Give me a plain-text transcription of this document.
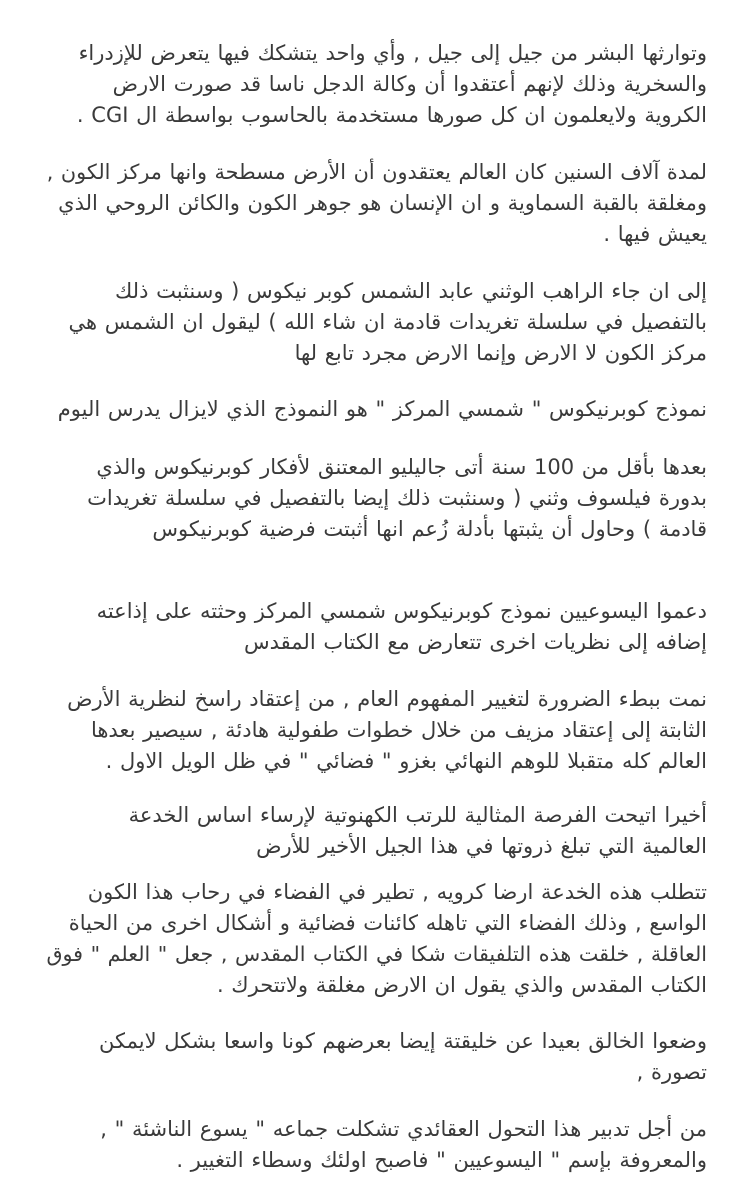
وتوارثها البشر من جيل إلى جيل , وأي واحد يتشكك فيها يتعرض للإزدراء
والسخرية وذلك لإنهم أعتقدوا أن وكالة الدجل ناسا قد صورت الارض
الكروية ولايعلمون ان كل صورها مستخدمة بالحاسوب بواسطة ال CGI .

لمدة آلاف السنين كان العالم يعتقدون أن الأرض مسطحة وانها مركز الكون ,
ومغلقة بالقبة السماوية و ان الإنسان هو جوهر الكون والكائن الروحي الذي
يعيش فيها .

إلى ان جاء الراهب الوثني عابد الشمس كوبر نيكوس ( وسنثبت ذلك
بالتفصيل في سلسلة تغريدات قادمة ان شاء الله ) ليقول ان الشمس هي
مركز الكون لا الارض وإنما الارض مجرد تابع لها

نموذج كوبرنيكوس " شمسي المركز " هو النموذج الذي لايزال يدرس اليوم

بعدها بأقل من 100 سنة أتى جاليليو المعتنق لأفكار كوبرنيكوس والذي
بدورة فيلسوف وثني ( وسنثبت ذلك إيضا بالتفصيل في سلسلة تغريدات
قادمة ) وحاول أن يثبتها بأدلة زُعم انها أثبتت فرضية كوبرنيكوس

دعموا اليسوعيين نموذج كوبرنيكوس شمسي المركز وحثته على إذاعته
إضافه إلى نظريات اخرى تتعارض مع الكتاب المقدس

نمت ببطء الضرورة لتغيير المفهوم العام , من إعتقاد راسخ لنظرية الأرض
الثابتة إلى إعتقاد مزيف من خلال خطوات طفولية هادئة , سيصير بعدها
العالم كله متقبلا للوهم النهائي بغزو " فضائي " في ظل الويل الاول .

أخيرا اتيحت الفرصة المثالية للرتب الكهنوتية لإرساء اساس الخدعة
العالمية التي تبلغ ذروتها في هذا الجيل الأخير للأرض

تتطلب هذه الخدعة ارضا كرويه , تطير في الفضاء في رحاب هذا الكون
الواسع , وذلك الفضاء التي تاهله كائنات فضائية و أشكال اخرى من الحياة
العاقلة , خلقت هذه التلفيقات شكا في الكتاب المقدس , جعل " العلم " فوق
الكتاب المقدس والذي يقول ان الارض مغلقة ولاتتحرك .

وضعوا الخالق بعيدا عن خليقتة إيضا بعرضهم كونا واسعا بشكل لايمكن
تصورة ,

من أجل تدبير هذا التحول العقائدي تشكلت جماعه " يسوع الناشئة " ,
والمعروفة بإسم " اليسوعيين " فاصبح اولئك وسطاء التغيير .
